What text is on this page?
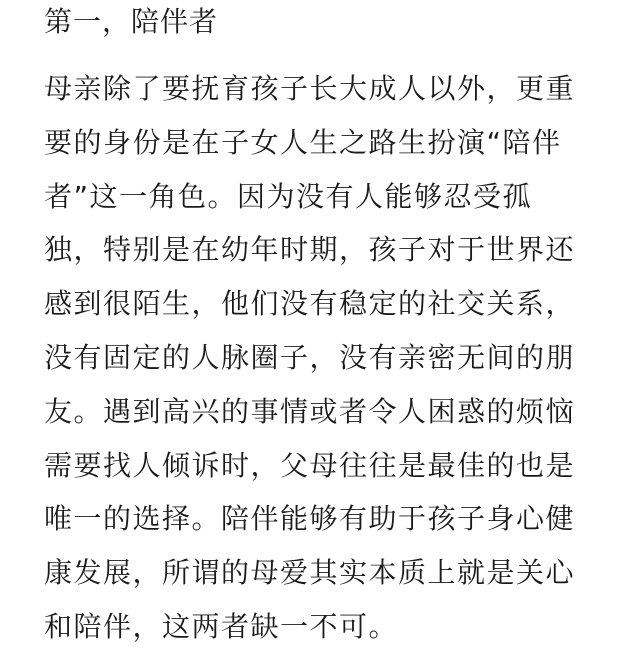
第一，陪伴者
母亲除了要抚育孩子长大成人以外，更重
要的身份是在子女人生之路生扮演“陪伴
者”这一角色。因为没有人能够忍受孤
独，特别是在幼年时期，孩子对于世界还
感到很陌生，他们没有稳定的社交关系，
没有固定的人脉圈子，没有亲密无间的朋
友。遇到高兴的事情或者令人困惑的烦恼
需要找人倾诉时，父母往往是最佳的也是
唯一的选择。陪伴能够有助于孩子身心健
康发展，所谓的母爱其实本质上就是关心
和陪伴，这两者缺一不可。
